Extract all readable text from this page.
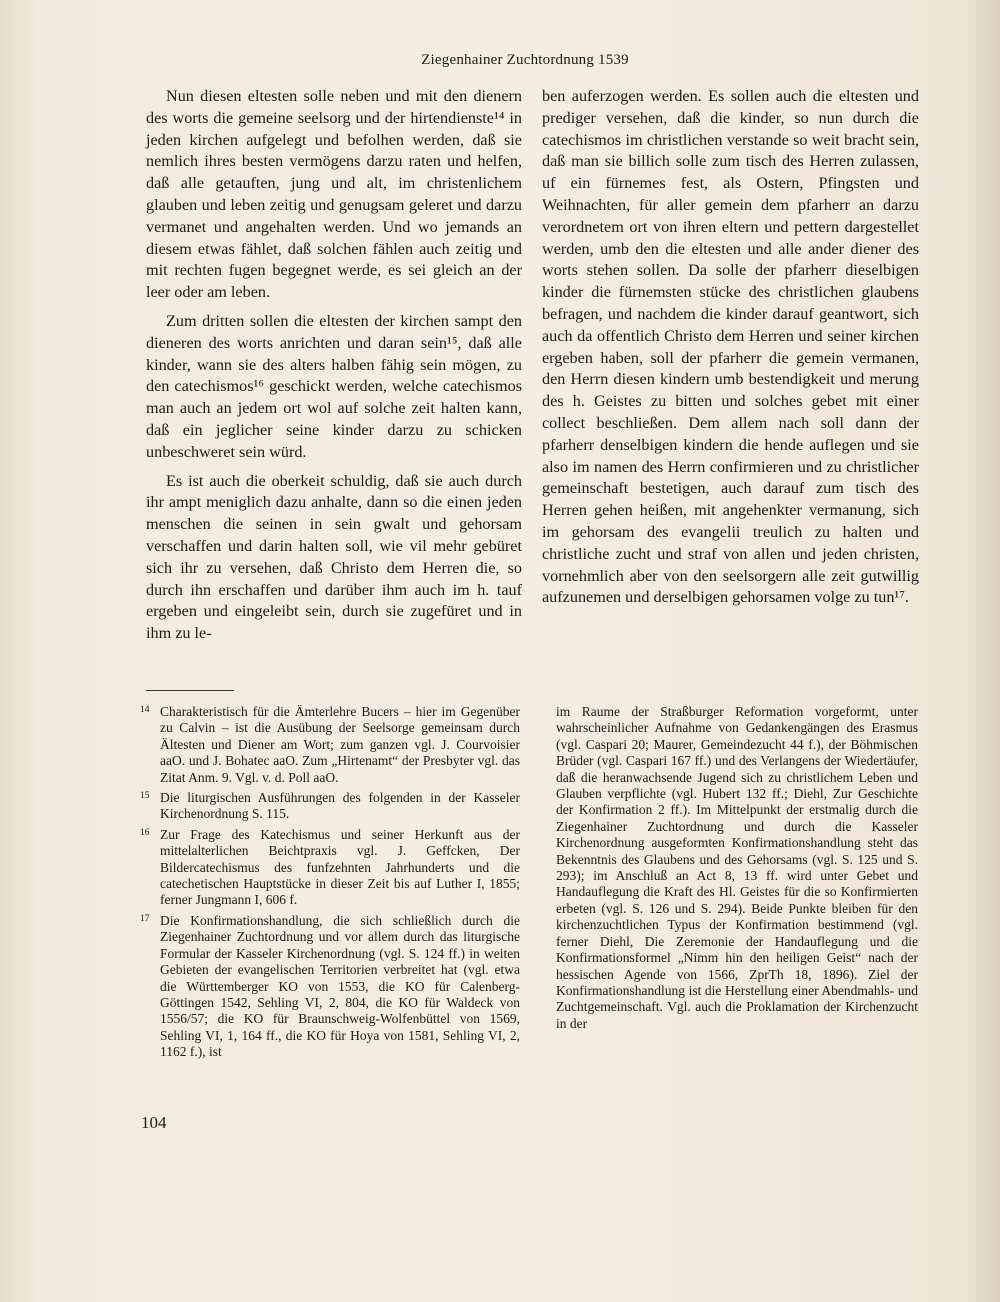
Ziegenhainer Zuchtordnung 1539

Nun diesen eltesten solle neben und mit den dienern des worts die gemeine seelsorg und der hirtendienste¹⁴ in jeden kirchen aufgelegt und befolhen werden, daß sie nemlich ihres besten vermögens darzu raten und helfen, daß alle getauften, jung und alt, im christenlichem glauben und leben zeitig und genugsam geleret und darzu vermanet und angehalten werden. Und wo jemands an diesem etwas fählet, daß solchen fählen auch zeitig und mit rechten fugen begegnet werde, es sei gleich an der leer oder am leben.

Zum dritten sollen die eltesten der kirchen sampt den dieneren des worts anrichten und daran sein¹⁵, daß alle kinder, wann sie des alters halben fähig sein mögen, zu den catechismos¹⁶ geschickt werden, welche catechismos man auch an jedem ort wol auf solche zeit halten kann, daß ein jeglicher seine kinder darzu zu schicken unbeschweret sein würd.

Es ist auch die oberkeit schuldig, daß sie auch durch ihr ampt meniglich dazu anhalte, dann so die einen jeden menschen die seinen in sein gwalt und gehorsam verschaffen und darin halten soll, wie vil mehr gebüret sich ihr zu versehen, daß Christo dem Herren die, so durch ihn erschaffen und darüber ihm auch im h. tauf ergeben und eingeleibt sein, durch sie zugefüret und in ihm zu le-

ben auferzogen werden. Es sollen auch die eltesten und prediger versehen, daß die kinder, so nun durch die catechismos im christlichen verstande so weit bracht sein, daß man sie billich solle zum tisch des Herren zulassen, uf ein fürnemes fest, als Ostern, Pfingsten und Weihnachten, für aller gemein dem pfarherr an darzu verordnetem ort von ihren eltern und pettern dargestellet werden, umb den die eltesten und alle ander diener des worts stehen sollen. Da solle der pfarherr dieselbigen kinder die fürnemsten stücke des christlichen glaubens befragen, und nachdem die kinder darauf geantwort, sich auch da offentlich Christo dem Herren und seiner kirchen ergeben haben, soll der pfarherr die gemein vermanen, den Herrn diesen kindern umb bestendigkeit und merung des h. Geistes zu bitten und solches gebet mit einer collect beschließen. Dem allem nach soll dann der pfarherr denselbigen kindern die hende auflegen und sie also im namen des Herrn confirmieren und zu christlicher gemeinschaft bestetigen, auch darauf zum tisch des Herren gehen heißen, mit angehenkter vermanung, sich im gehorsam des evangelii treulich zu halten und christliche zucht und straf von allen und jeden christen, vornehmlich aber von den seelsorgern alle zeit gutwillig aufzunemen und derselbigen gehorsamen volge zu tun¹⁷.

14 Charakteristisch für die Ämterlehre Bucers – hier im Gegenüber zu Calvin – ist die Ausübung der Seelsorge gemeinsam durch Ältesten und Diener am Wort; zum ganzen vgl. J. Courvoisier aaO. und J. Bohatec aaO. Zum „Hirtenamt“ der Presbyter vgl. das Zitat Anm. 9. Vgl. v. d. Poll aaO.
15 Die liturgischen Ausführungen des folgenden in der Kasseler Kirchenordnung S. 115.
16 Zur Frage des Katechismus und seiner Herkunft aus der mittelalterlichen Beichtpraxis vgl. J. Geffcken, Der Bildercatechismus des funfzehnten Jahrhunderts und die catechetischen Hauptstücke in dieser Zeit bis auf Luther I, 1855; ferner Jungmann I, 606 f.
17 Die Konfirmationshandlung, die sich schließlich durch die Ziegenhainer Zuchtordnung und vor allem durch das liturgische Formular der Kasseler Kirchenordnung (vgl. S. 124 ff.) in weiten Gebieten der evangelischen Territorien verbreitet hat (vgl. etwa die Württemberger KO von 1553, die KO für Calenberg-Göttingen 1542, Sehling VI, 2, 804, die KO für Waldeck von 1556/57; die KO für Braunschweig-Wolfenbüttel von 1569, Sehling VI, 1, 164 ff., die KO für Hoya von 1581, Sehling VI, 2, 1162 f.), ist
im Raume der Straßburger Reformation vorgeformt, unter wahrscheinlicher Aufnahme von Gedankengängen des Erasmus (vgl. Caspari 20; Maurer, Gemeindezucht 44 f.), der Böhmischen Brüder (vgl. Caspari 167 ff.) und des Verlangens der Wiedertäufer, daß die heranwachsende Jugend sich zu christlichem Leben und Glauben verpflichte (vgl. Hubert 132 ff.; Diehl, Zur Geschichte der Konfirmation 2 ff.). Im Mittelpunkt der erstmalig durch die Ziegenhainer Zuchtordnung und durch die Kasseler Kirchenordnung ausgeformten Konfirmationshandlung steht das Bekenntnis des Glaubens und des Gehorsams (vgl. S. 125 und S. 293); im Anschluß an Act 8, 13 ff. wird unter Gebet und Handauflegung die Kraft des Hl. Geistes für die so Konfirmierten erbeten (vgl. S. 126 und S. 294). Beide Punkte bleiben für den kirchenzuchtlichen Typus der Konfirmation bestimmend (vgl. ferner Diehl, Die Zeremonie der Handauflegung und die Konfirmationsformel „Nimm hin den heiligen Geist“ nach der hessischen Agende von 1566, ZprTh 18, 1896). Ziel der Konfirmationshandlung ist die Herstellung einer Abendmahls- und Zuchtgemeinschaft. Vgl. auch die Proklamation der Kirchenzucht in der
104
